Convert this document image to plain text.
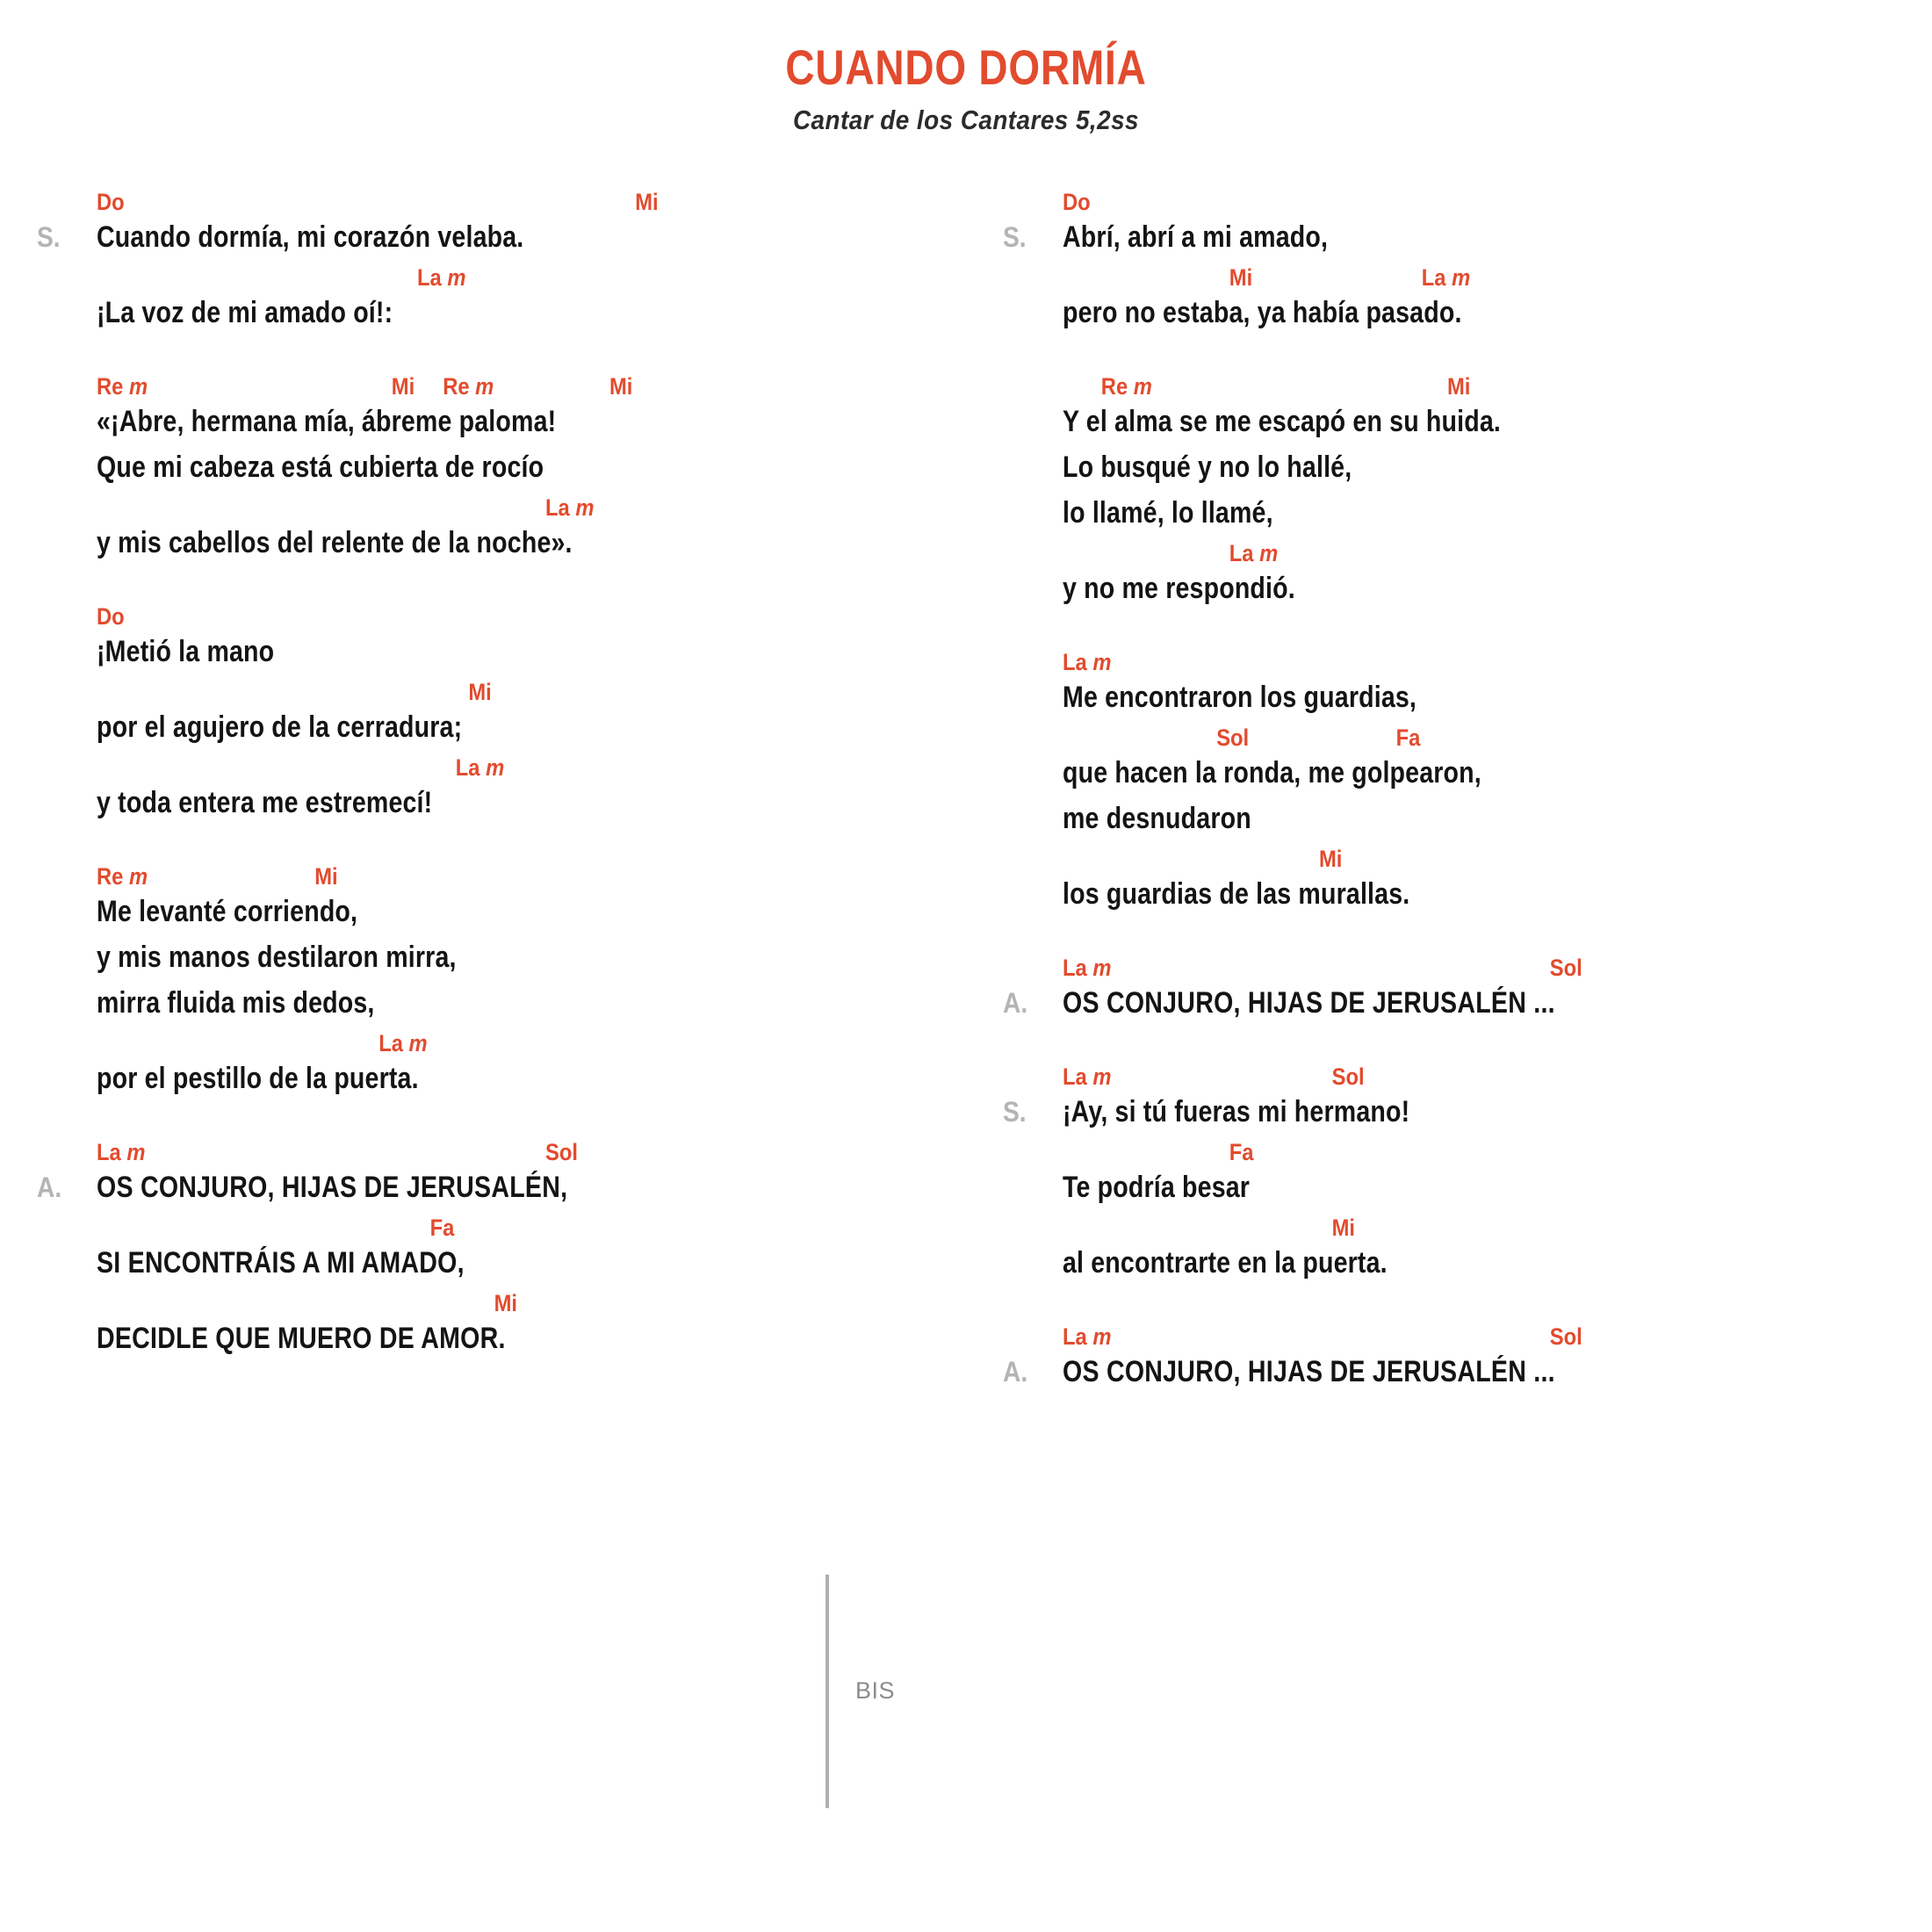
CUANDO DORMÍA
Cantar de los Cantares 5,2ss
Do	Mi
Cuando dormía, mi corazón velaba.
S.
La m
¡La voz de mi amado oí!:
Re m	Mi Re m	Mi
«¡Abre, hermana mía, ábreme paloma!
Que mi cabeza está cubierta de rocío
La m
y mis cabellos del relente de la noche».
Do
¡Metió la mano
Mi
por el agujero de la cerradura;
La m
y toda entera me estremecí!
Re m	Mi
Me levanté corriendo,
y mis manos destilaron mirra,
mirra fluida mis dedos,
La m
por el pestillo de la puerta.
La m	Sol
OS CONJURO, HIJAS DE JERUSALÉN,
A.
Fa
SI ENCONTRÁIS A MI AMADO,
Mi
DECIDLE QUE MUERO DE AMOR.
Do
Abrí, abrí a mi amado,
S.
Mi	La m
pero no estaba, ya había pasado.
Re m	Mi
Y el alma se me escapó en su huida.
Lo busqué y no lo hallé,
lo llamé, lo llamé,
La m
y no me respondió.
La m
Me encontraron los guardias,
Sol	Fa
que hacen la ronda, me golpearon,
me desnudaron
Mi
los guardias de las murallas.
La m	Sol
OS CONJURO, HIJAS DE JERUSALÉN ...
A.
La m	Sol
¡Ay, si tú fueras mi hermano!
S.
Fa
Te podría besar
Mi
al encontrarte en la puerta.
La m	Sol
OS CONJURO, HIJAS DE JERUSALÉN ...
A.
BIS
